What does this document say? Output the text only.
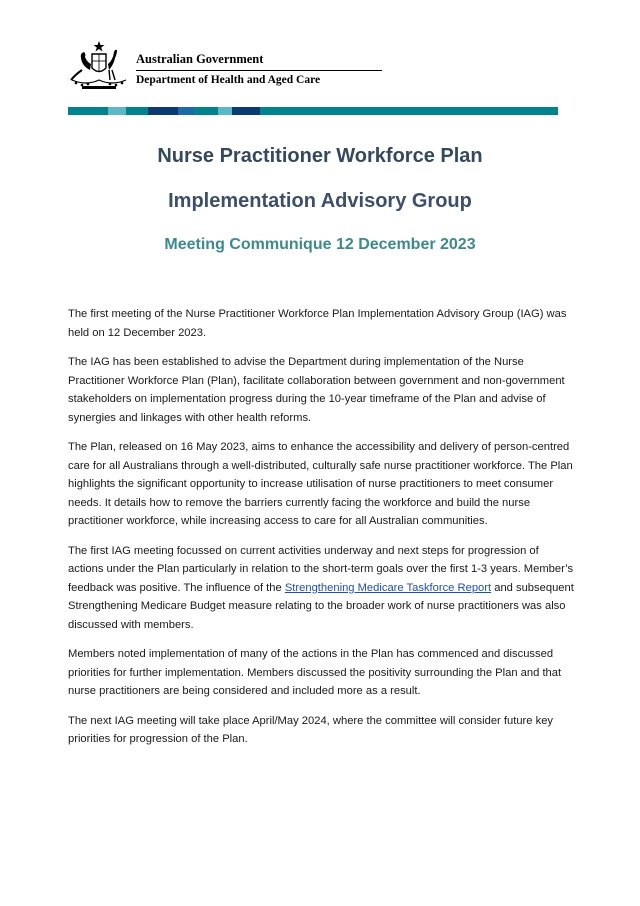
Australian Government
Department of Health and Aged Care
Nurse Practitioner Workforce Plan
Implementation Advisory Group
Meeting Communique 12 December 2023

The first meeting of the Nurse Practitioner Workforce Plan Implementation Advisory Group (IAG) was held on 12 December 2023.

The IAG has been established to advise the Department during implementation of the Nurse Practitioner Workforce Plan (Plan), facilitate collaboration between government and non-government stakeholders on implementation progress during the 10-year timeframe of the Plan and advise of synergies and linkages with other health reforms.

The Plan, released on 16 May 2023, aims to enhance the accessibility and delivery of person-centred care for all Australians through a well-distributed, culturally safe nurse practitioner workforce. The Plan highlights the significant opportunity to increase utilisation of nurse practitioners to meet consumer needs. It details how to remove the barriers currently facing the workforce and build the nurse practitioner workforce, while increasing access to care for all Australian communities.

The first IAG meeting focussed on current activities underway and next steps for progression of actions under the Plan particularly in relation to the short-term goals over the first 1-3 years. Member’s feedback was positive. The influence of the Strengthening Medicare Taskforce Report and subsequent Strengthening Medicare Budget measure relating to the broader work of nurse practitioners was also discussed with members.

Members noted implementation of many of the actions in the Plan has commenced and discussed priorities for further implementation. Members discussed the positivity surrounding the Plan and that nurse practitioners are being considered and included more as a result.

The next IAG meeting will take place April/May 2024, where the committee will consider future key priorities for progression of the Plan.
